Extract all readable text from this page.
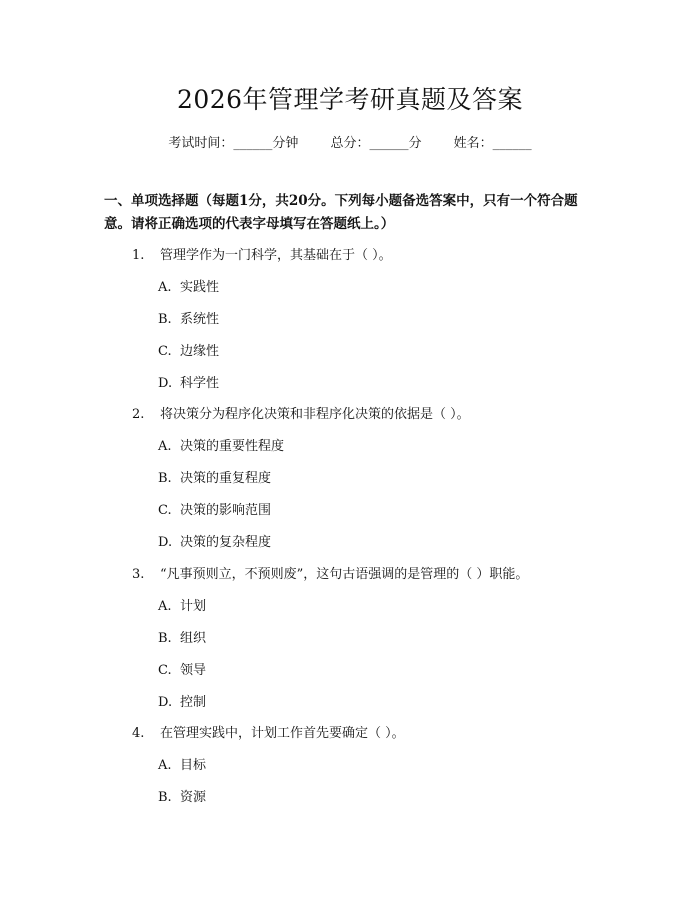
2026年管理学考研真题及答案
考试时间：______分钟 总分：______分 姓名：______
一、单项选择题（每题1分，共20分。下列每小题备选答案中，只有一个符合题意。请将正确选项的代表字母填写在答题纸上。）
1. 管理学作为一门科学，其基础在于（ ）。
A. 实践性
B. 系统性
C. 边缘性
D. 科学性
2. 将决策分为程序化决策和非程序化决策的依据是（ ）。
A. 决策的重要性程度
B. 决策的重复程度
C. 决策的影响范围
D. 决策的复杂程度
3. “凡事预则立，不预则废”，这句古语强调的是管理的（ ）职能。
A. 计划
B. 组织
C. 领导
D. 控制
4. 在管理实践中，计划工作首先要确定（ ）。
A. 目标
B. 资源
